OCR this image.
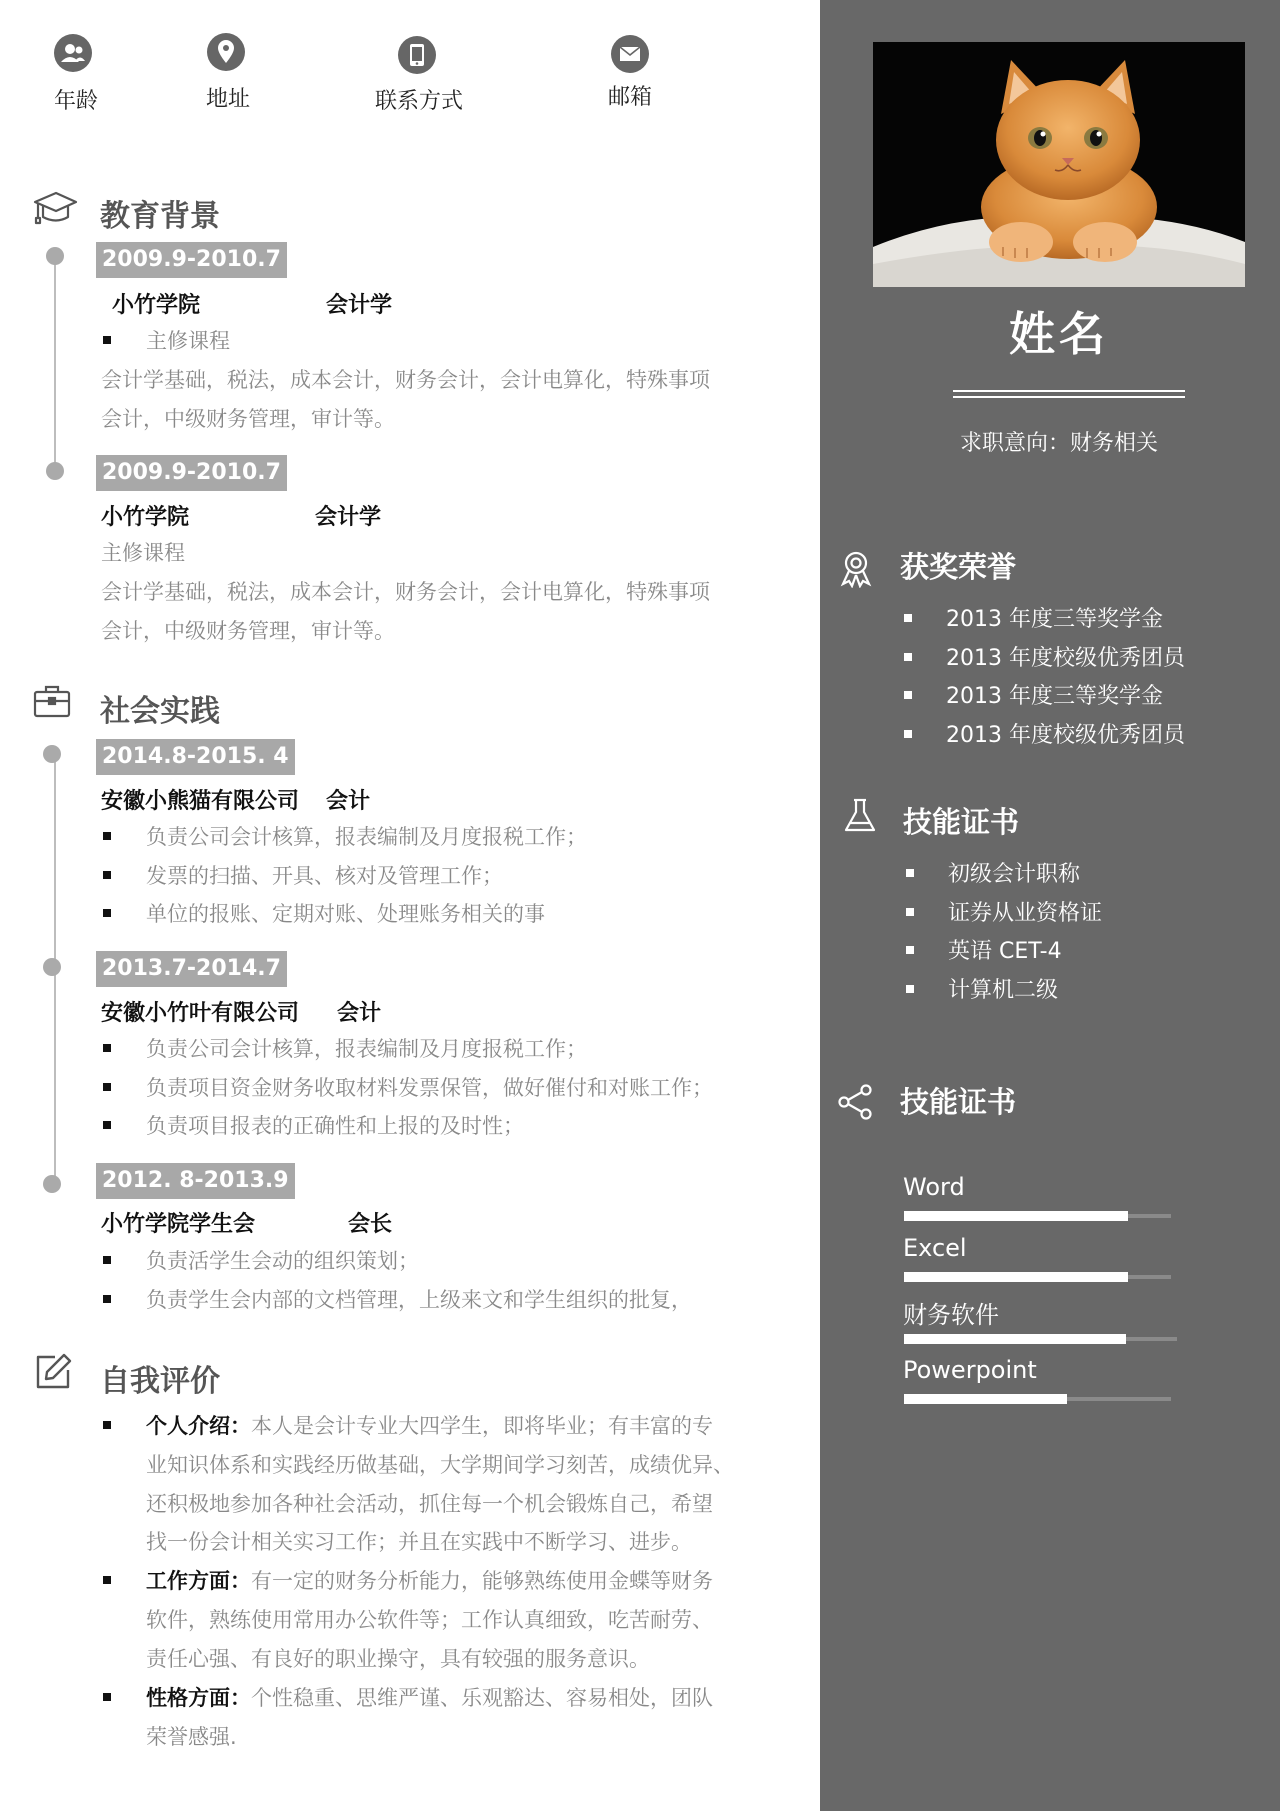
姓名
求职意向：财务相关
获奖荣誉
2013 年度三等奖学金
2013 年度校级优秀团员
2013 年度三等奖学金
2013 年度校级优秀团员
技能证书
初级会计职称
证券从业资格证
英语 CET-4
计算机二级
技能证书
Word
Excel
财务软件
Powerpoint
年龄	地址	联系方式	邮箱
教育背景
2009.9-2010.7
小竹学院	会计学
主修课程
会计学基础，税法，成本会计，财务会计，会计电算化，特殊事项
会计，中级财务管理，审计等。
2009.9-2010.7
小竹学院	会计学
主修课程
会计学基础，税法，成本会计，财务会计，会计电算化，特殊事项
会计，中级财务管理，审计等。
社会实践
2014.8-2015. 4
安徽小熊猫有限公司 会计
负责公司会计核算，报表编制及月度报税工作；
发票的扫描、开具、核对及管理工作；
单位的报账、定期对账、处理账务相关的事
2013.7-2014.7
安徽小竹叶有限公司 会计
负责公司会计核算，报表编制及月度报税工作；
负责项目资金财务收取材料发票保管，做好催付和对账工作；
负责项目报表的正确性和上报的及时性；
2012. 8-2013.9
小竹学院学生会	会长
负责活学生会动的组织策划；
负责学生会内部的文档管理，上级来文和学生组织的批复，
自我评价
个人介绍：本人是会计专业大四学生，即将毕业；有丰富的专
业知识体系和实践经历做基础，大学期间学习刻苦，成绩优异、
还积极地参加各种社会活动，抓住每一个机会锻炼自己，希望
找一份会计相关实习工作；并且在实践中不断学习、进步。
工作方面：有一定的财务分析能力，能够熟练使用金蝶等财务
软件，熟练使用常用办公软件等；工作认真细致，吃苦耐劳、
责任心强、有良好的职业操守，具有较强的服务意识。
性格方面：个性稳重、思维严谨、乐观豁达、容易相处，团队
荣誉感强.
